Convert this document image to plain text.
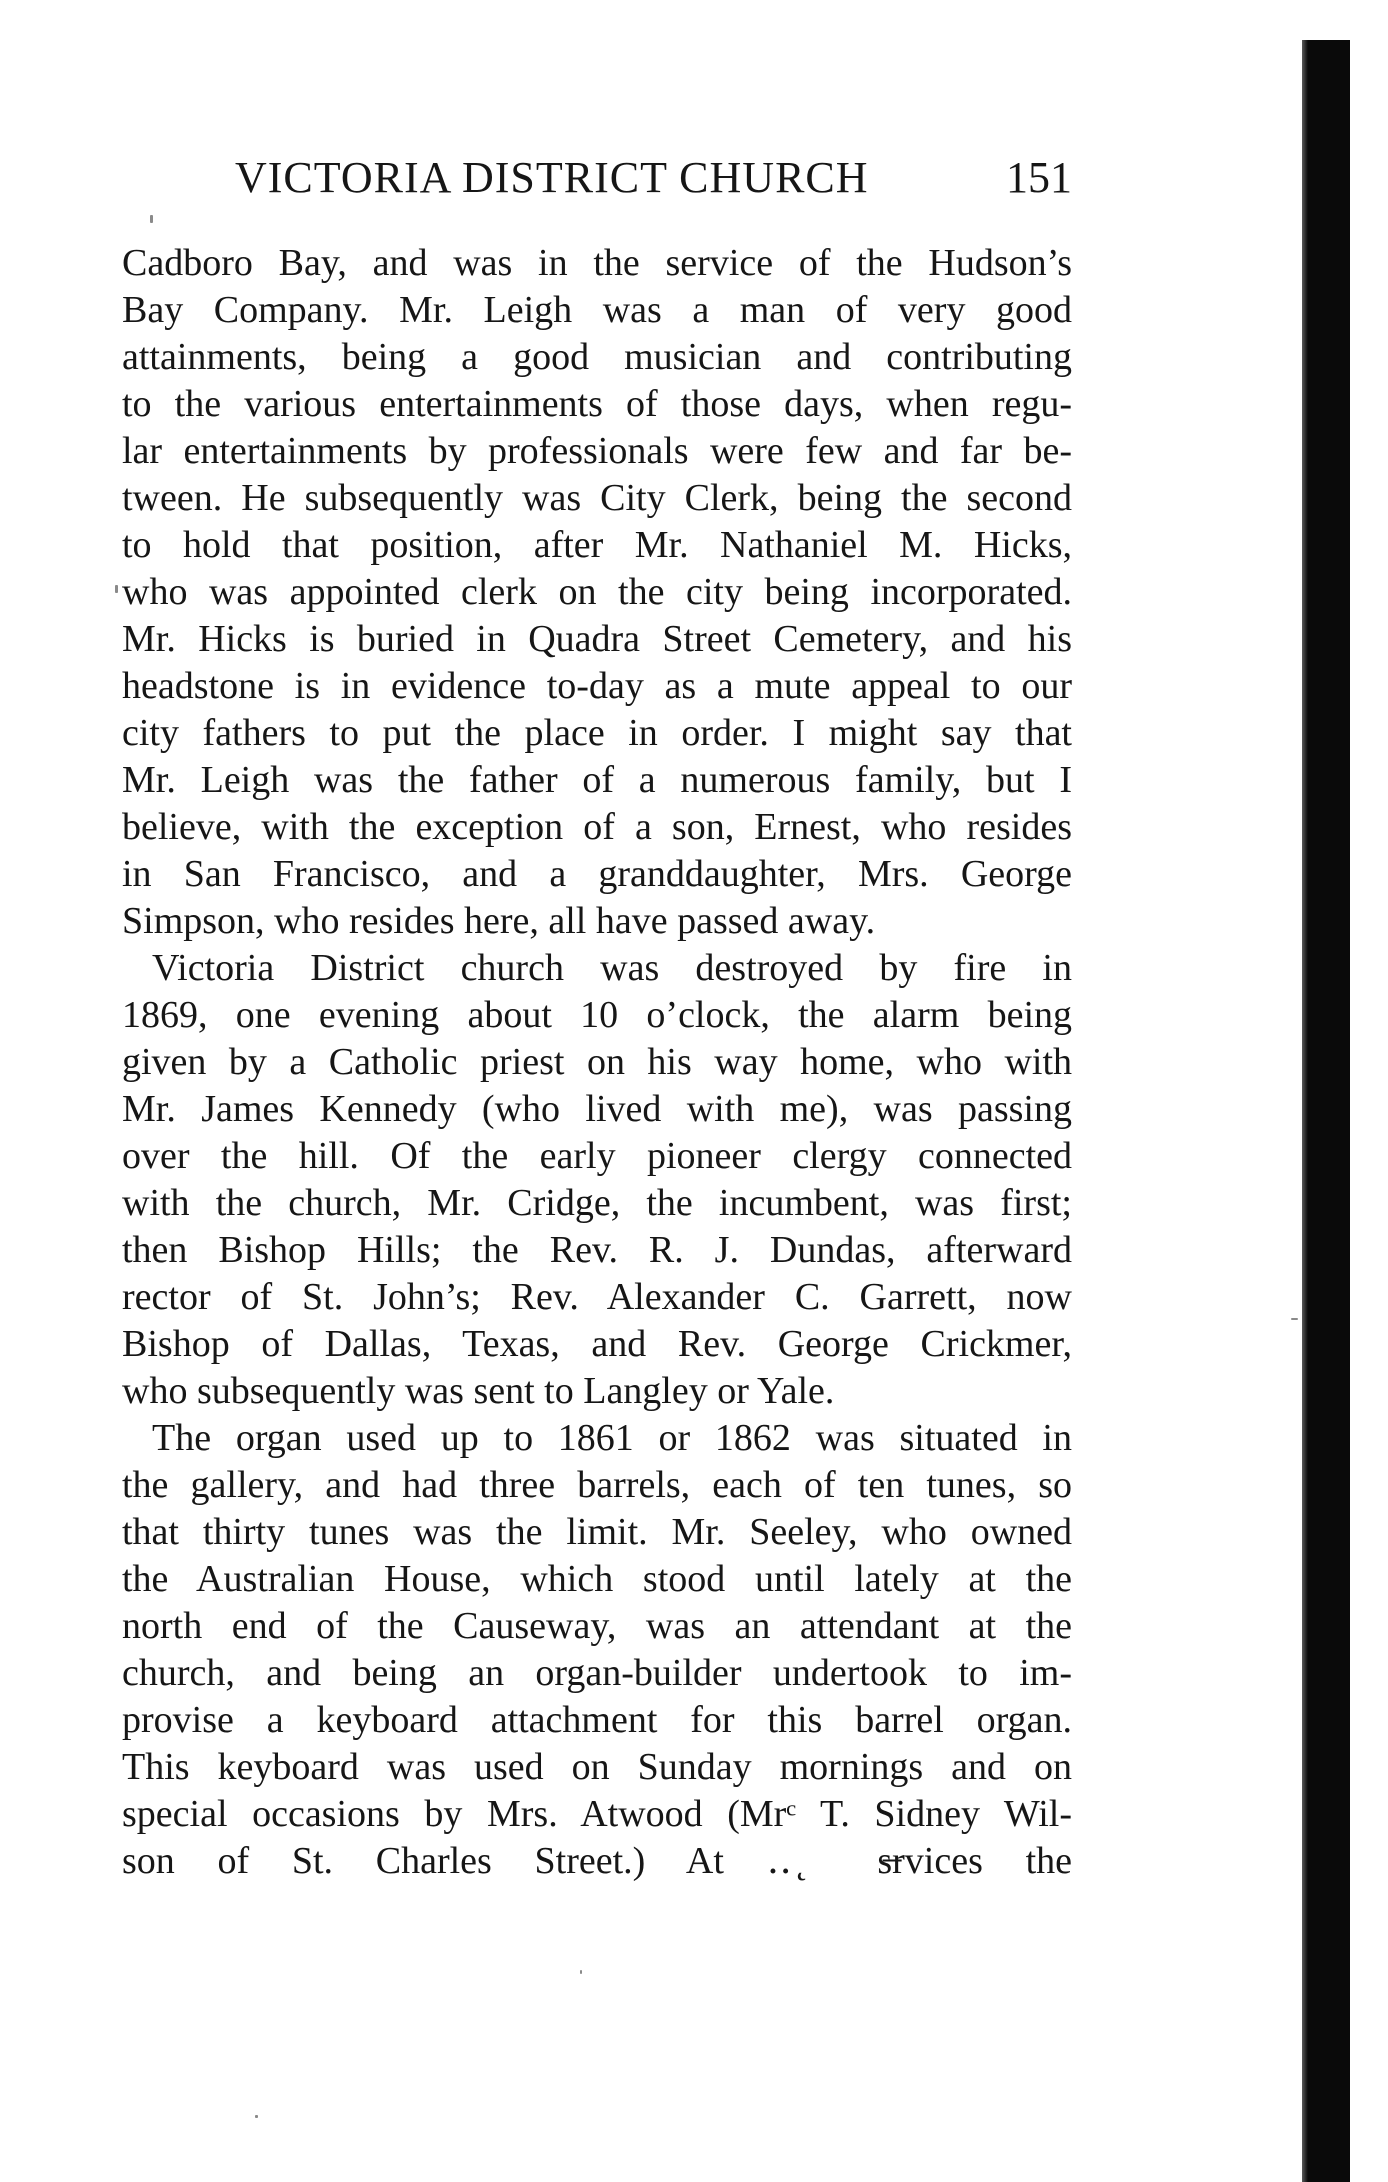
VICTORIA DISTRICT CHURCH	151
Cadboro Bay, and was in the service of the Hudson’s
Bay Company. Mr. Leigh was a man of very good
attainments, being a good musician and contributing
to the various entertainments of those days, when regu-
lar entertainments by professionals were few and far be-
tween. He subsequently was City Clerk, being the second
to hold that position, after Mr. Nathaniel M. Hicks,
who was appointed clerk on the city being incorporated.
Mr. Hicks is buried in Quadra Street Cemetery, and his
headstone is in evidence to-day as a mute appeal to our
city fathers to put the place in order. I might say that
Mr. Leigh was the father of a numerous family, but I
believe, with the exception of a son, Ernest, who resides
in San Francisco, and a granddaughter, Mrs. George
Simpson, who resides here, all have passed away.
Victoria District church was destroyed by fire in
1869, one evening about 10 o’clock, the alarm being
given by a Catholic priest on his way home, who with
Mr. James Kennedy (who lived with me), was passing
over the hill. Of the early pioneer clergy connected
with the church, Mr. Cridge, the incumbent, was first;
then Bishop Hills; the Rev. R. J. Dundas, afterward
rector of St. John’s; Rev. Alexander C. Garrett, now
Bishop of Dallas, Texas, and Rev. George Crickmer,
who subsequently was sent to Langley or Yale.
The organ used up to 1861 or 1862 was situated in
the gallery, and had three barrels, each of ten tunes, so
that thirty tunes was the limit. Mr. Seeley, who owned
the Australian House, which stood until lately at the
north end of the Causeway, was an attendant at the
church, and being an organ-builder undertook to im-
provise a keyboard attachment for this barrel organ.
This keyboard was used on Sunday mornings and on
special occasions by Mrs. Atwood (Mrᶜ T. Sidney Wil-
son of St. Charles Street.) At ‥ ̨ s̶rvices the
